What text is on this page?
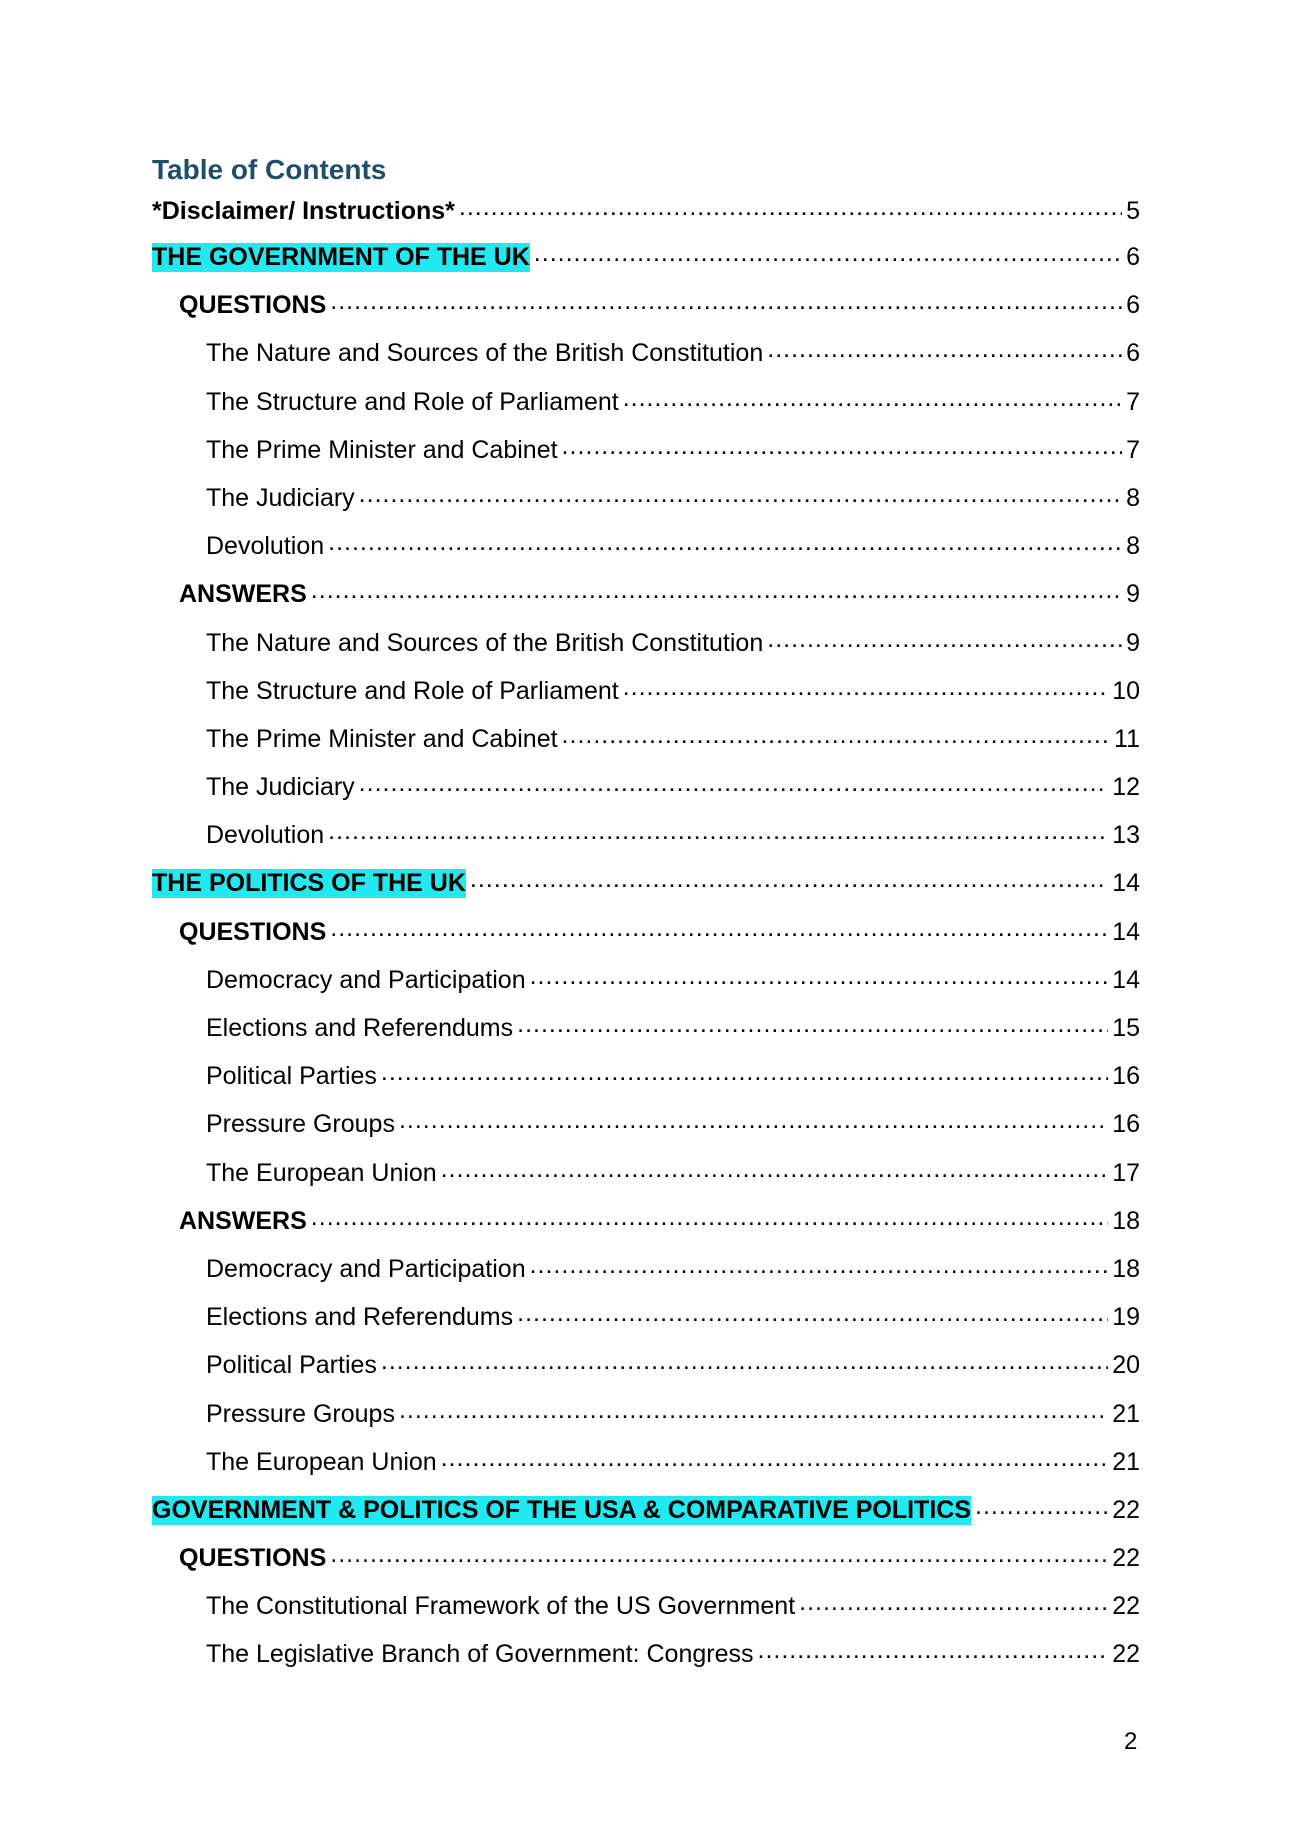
Table of Contents
*Disclaimer/ Instructions* .....	5
THE GOVERNMENT OF THE UK .....	6
QUESTIONS .....	6
The Nature and Sources of the British Constitution .....	6
The Structure and Role of Parliament .....	7
The Prime Minister and Cabinet .....	7
The Judiciary .....	8
Devolution .....	8
ANSWERS .....	9
The Nature and Sources of the British Constitution .....	9
The Structure and Role of Parliament .....	10
The Prime Minister and Cabinet .....	11
The Judiciary .....	12
Devolution .....	13
THE POLITICS OF THE UK .....	14
QUESTIONS .....	14
Democracy and Participation .....	14
Elections and Referendums .....	15
Political Parties .....	16
Pressure Groups .....	16
The European Union .....	17
ANSWERS .....	18
Democracy and Participation .....	18
Elections and Referendums .....	19
Political Parties .....	20
Pressure Groups .....	21
The European Union .....	21
GOVERNMENT & POLITICS OF THE USA & COMPARATIVE POLITICS .....	22
QUESTIONS .....	22
The Constitutional Framework of the US Government .....	22
The Legislative Branch of Government: Congress .....	22

2
